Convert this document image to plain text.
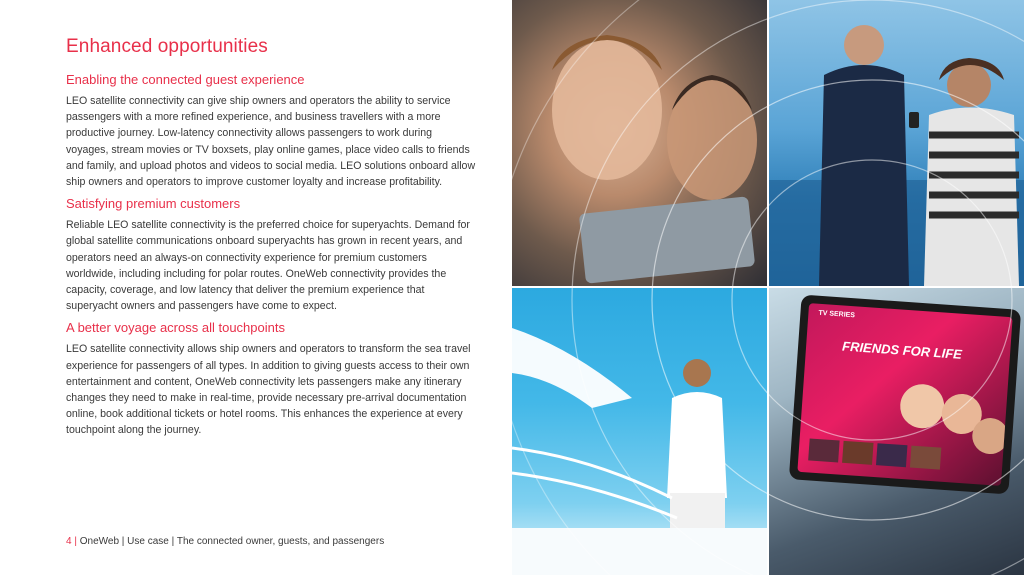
Enhanced opportunities
Enabling the connected guest experience

LEO satellite connectivity can give ship owners and operators the ability to service passengers with a more refined experience, and business travellers with a more productive journey. Low-latency connectivity allows passengers to work during voyages, stream movies or TV boxsets, play online games, place video calls to friends and family, and upload photos and videos to social media. LEO solutions onboard allow ship owners and operators to improve customer loyalty and increase profitability.

Satisfying premium customers

Reliable LEO satellite connectivity is the preferred choice for superyachts. Demand for global satellite communications onboard superyachts has grown in recent years, and operators need an always-on connectivity experience for premium customers worldwide, including including for polar routes. OneWeb connectivity provides the capacity, coverage, and low latency that deliver the premium experience that superyacht owners and passengers have come to expect.

A better voyage across all touchpoints

LEO satellite connectivity allows ship owners and operators to transform the sea travel experience for passengers of all types. In addition to giving guests access to their own entertainment and content, OneWeb connectivity lets passengers make any itinerary changes they need to make in real-time, provide necessary pre-arrival documentation online, book additional tickets or hotel rooms. This enhances the experience at every touchpoint along the journey.

4 | OneWeb | Use case | The connected owner, guests, and passengers
TV SERIES
FRIENDS FOR LIFE
